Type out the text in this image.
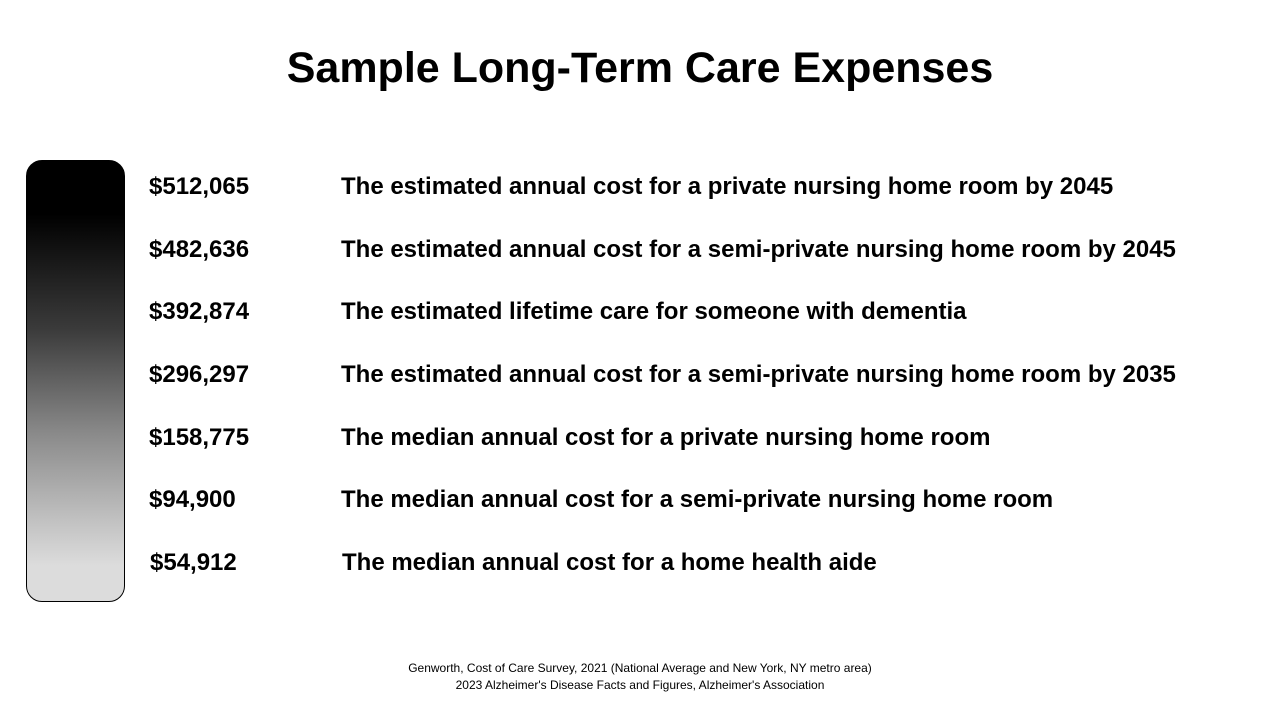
Sample Long-Term Care Expenses
$512,065	The estimated annual cost for a private nursing home room by 2045
$482,636	The estimated annual cost for a semi-private nursing home room by 2045
$392,874	The estimated lifetime care for someone with dementia
$296,297	The estimated annual cost for a semi-private nursing home room by 2035
$158,775	The median annual cost for a private nursing home room
$94,900	The median annual cost for a semi-private nursing home room
$54,912	The median annual cost for a home health aide
Genworth, Cost of Care Survey, 2021 (National Average and New York, NY metro area)
2023 Alzheimer's Disease Facts and Figures, Alzheimer's Association
